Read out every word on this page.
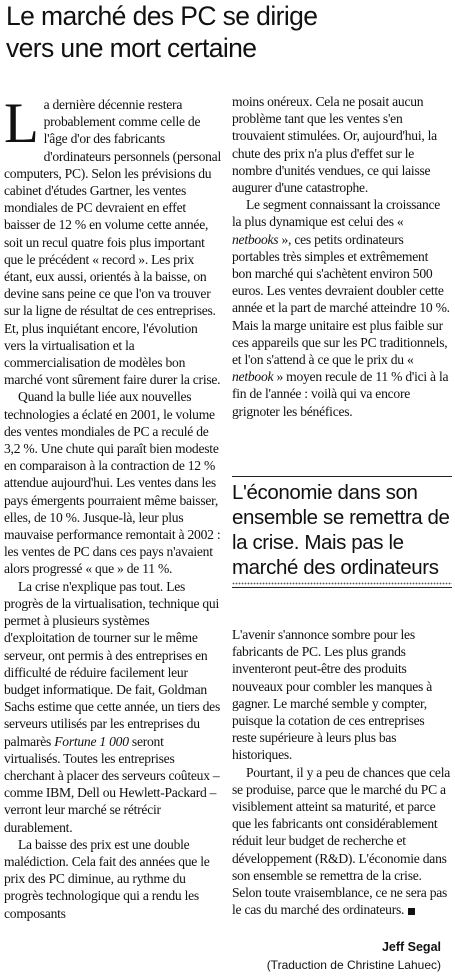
Le marché des PC se dirige
vers une mort certaine

La dernière décennie restera probablement comme celle de l'âge d'or des fabricants d'ordinateurs personnels (personal computers, PC). Selon les prévisions du cabinet d'études Gartner, les ventes mondiales de PC devraient en effet baisser de 12 % en volume cette année, soit un recul quatre fois plus important que le précédent « record ». Les prix étant, eux aussi, orientés à la baisse, on devine sans peine ce que l'on va trouver sur la ligne de résultat de ces entreprises. Et, plus inquiétant encore, l'évolution vers la virtualisation et la commercialisation de modèles bon marché vont sûrement faire durer la crise.

Quand la bulle liée aux nouvelles technologies a éclaté en 2001, le volume des ventes mondiales de PC a reculé de 3,2 %. Une chute qui paraît bien modeste en comparaison à la contraction de 12 % attendue aujourd'hui. Les ventes dans les pays émergents pourraient même baisser, elles, de 10 %. Jusque-là, leur plus mauvaise performance remontait à 2002 : les ventes de PC dans ces pays n'avaient alors progressé « que » de 11 %.

La crise n'explique pas tout. Les progrès de la virtualisation, technique qui permet à plusieurs systèmes d'exploitation de tourner sur le même serveur, ont permis à des entreprises en difficulté de réduire facilement leur budget informatique. De fait, Goldman Sachs estime que cette année, un tiers des serveurs utilisés par les entreprises du palmarès Fortune 1 000 seront virtualisés. Toutes les entreprises cherchant à placer des serveurs coûteux – comme IBM, Dell ou Hewlett-Packard – verront leur marché se rétrécir durablement.

La baisse des prix est une double malédiction. Cela fait des années que le prix des PC diminue, au rythme du progrès technologique qui a rendu les composants

moins onéreux. Cela ne posait aucun problème tant que les ventes s'en trouvaient stimulées. Or, aujourd'hui, la chute des prix n'a plus d'effet sur le nombre d'unités vendues, ce qui laisse augurer d'une catastrophe.

Le segment connaissant la croissance la plus dynamique est celui des « netbooks », ces petits ordinateurs portables très simples et extrêmement bon marché qui s'achètent environ 500 euros. Les ventes devraient doubler cette année et la part de marché atteindre 10 %. Mais la marge unitaire est plus faible sur ces appareils que sur les PC traditionnels, et l'on s'attend à ce que le prix du « netbook » moyen recule de 11 % d'ici à la fin de l'année : voilà qui va encore grignoter les bénéfices.

L'économie dans son ensemble se remettra de la crise. Mais pas le marché des ordinateurs

L'avenir s'annonce sombre pour les fabricants de PC. Les plus grands inventeront peut-être des produits nouveaux pour combler les manques à gagner. Le marché semble y compter, puisque la cotation de ces entreprises reste supérieure à leurs plus bas historiques.

Pourtant, il y a peu de chances que cela se produise, parce que le marché du PC a visiblement atteint sa maturité, et parce que les fabricants ont considérablement réduit leur budget de recherche et développement (R&D). L'économie dans son ensemble se remettra de la crise. Selon toute vraisemblance, ce ne sera pas le cas du marché des ordinateurs.

Jeff Segal
(Traduction de Christine Lahuec)
